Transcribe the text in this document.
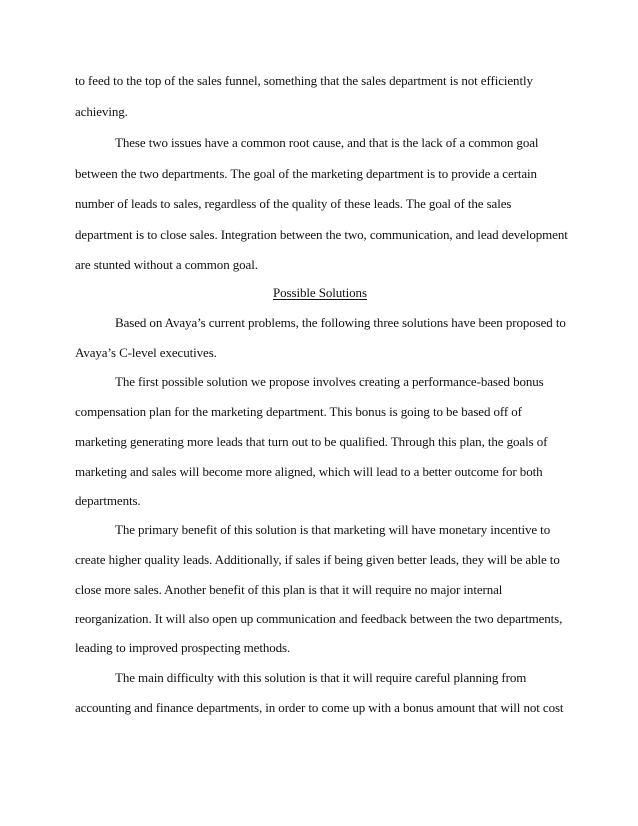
to feed to the top of the sales funnel, something that the sales department is not efficiently
achieving.
These two issues have a common root cause, and that is the lack of a common goal
between the two departments. The goal of the marketing department is to provide a certain
number of leads to sales, regardless of the quality of these leads. The goal of the sales
department is to close sales. Integration between the two, communication, and lead development
are stunted without a common goal.
Possible Solutions
Based on Avaya’s current problems, the following three solutions have been proposed to
Avaya’s C-level executives.
The first possible solution we propose involves creating a performance-based bonus
compensation plan for the marketing department. This bonus is going to be based off of
marketing generating more leads that turn out to be qualified. Through this plan, the goals of
marketing and sales will become more aligned, which will lead to a better outcome for both
departments.
The primary benefit of this solution is that marketing will have monetary incentive to
create higher quality leads. Additionally, if sales if being given better leads, they will be able to
close more sales. Another benefit of this plan is that it will require no major internal
reorganization. It will also open up communication and feedback between the two departments,
leading to improved prospecting methods.
The main difficulty with this solution is that it will require careful planning from
accounting and finance departments, in order to come up with a bonus amount that will not cost
